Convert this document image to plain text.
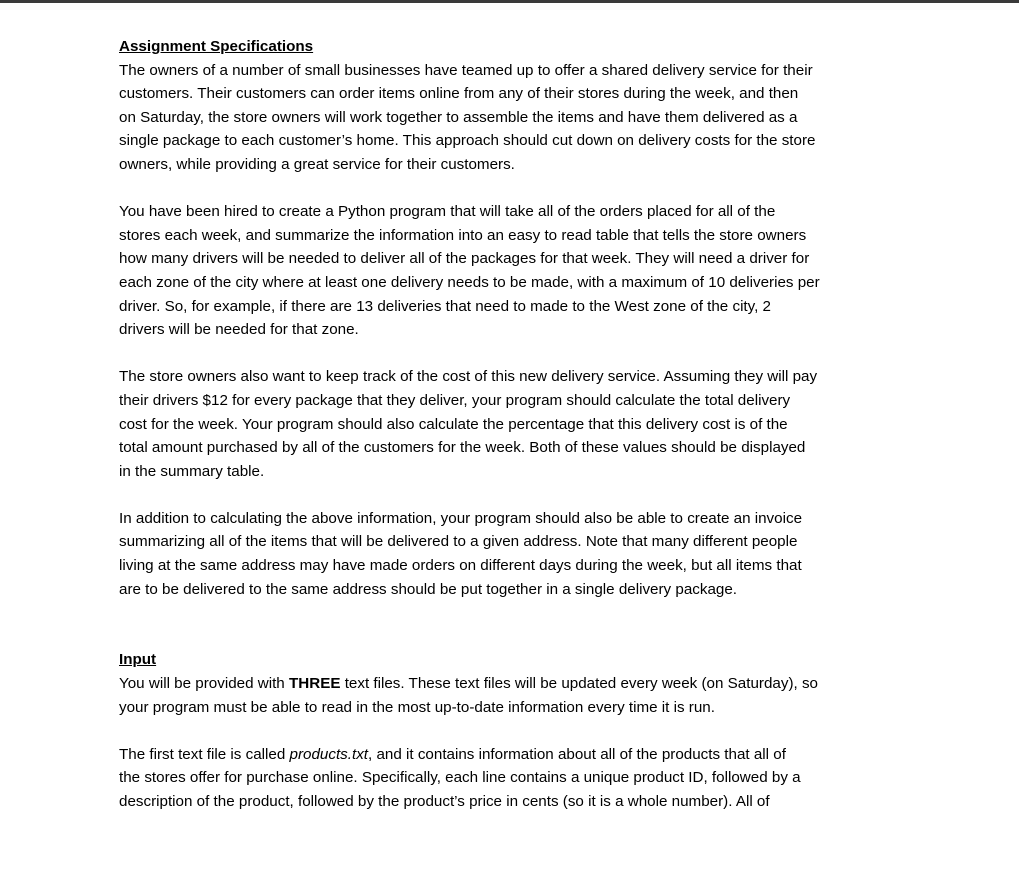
Assignment Specifications
The owners of a number of small businesses have teamed up to offer a shared delivery service for their
customers. Their customers can order items online from any of their stores during the week, and then
on Saturday, the store owners will work together to assemble the items and have them delivered as a
single package to each customer’s home. This approach should cut down on delivery costs for the store
owners, while providing a great service for their customers.
You have been hired to create a Python program that will take all of the orders placed for all of the
stores each week, and summarize the information into an easy to read table that tells the store owners
how many drivers will be needed to deliver all of the packages for that week. They will need a driver for
each zone of the city where at least one delivery needs to be made, with a maximum of 10 deliveries per
driver. So, for example, if there are 13 deliveries that need to made to the West zone of the city, 2
drivers will be needed for that zone.
The store owners also want to keep track of the cost of this new delivery service. Assuming they will pay
their drivers $12 for every package that they deliver, your program should calculate the total delivery
cost for the week. Your program should also calculate the percentage that this delivery cost is of the
total amount purchased by all of the customers for the week. Both of these values should be displayed
in the summary table.
In addition to calculating the above information, your program should also be able to create an invoice
summarizing all of the items that will be delivered to a given address. Note that many different people
living at the same address may have made orders on different days during the week, but all items that
are to be delivered to the same address should be put together in a single delivery package.
Input
You will be provided with THREE text files. These text files will be updated every week (on Saturday), so
your program must be able to read in the most up-to-date information every time it is run.
The first text file is called products.txt, and it contains information about all of the products that all of
the stores offer for purchase online. Specifically, each line contains a unique product ID, followed by a
description of the product, followed by the product’s price in cents (so it is a whole number). All of
